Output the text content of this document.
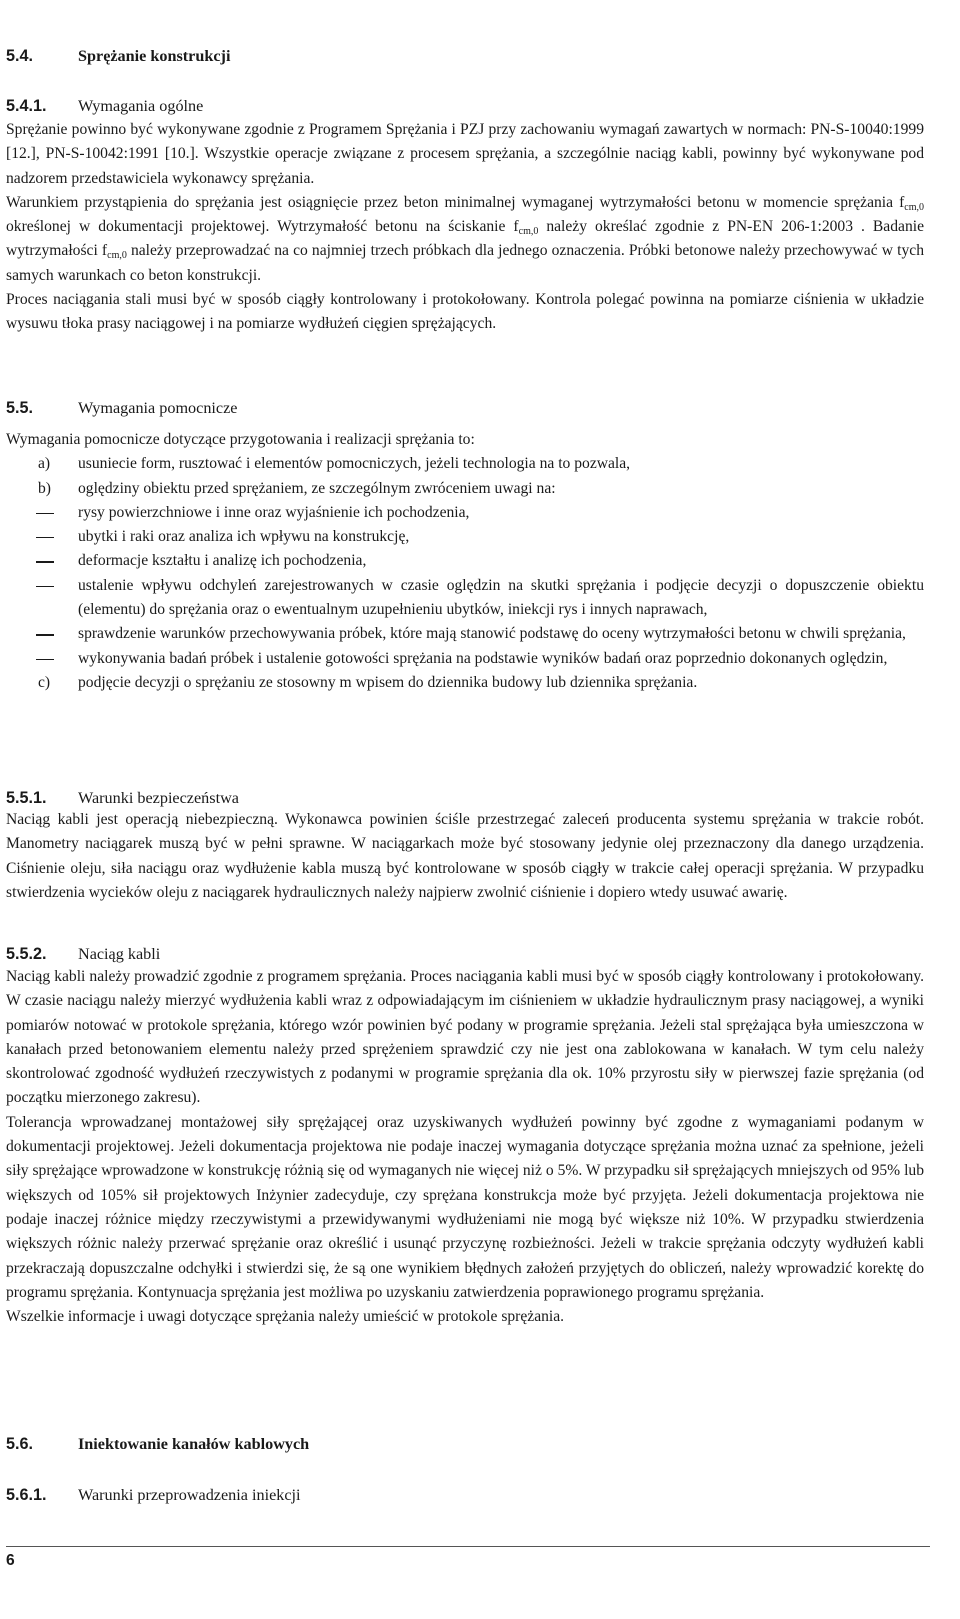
5.4.	Sprężanie konstrukcji
5.4.1. Wymagania ogólne

Sprężanie powinno być wykonywane zgodnie z Programem Sprężania i PZJ przy zachowaniu wymagań zawartych w normach: PN-S-10040:1999 [12.], PN-S-10042:1991 [10.]. Wszystkie operacje związane z procesem sprężania, a szczególnie naciąg kabli, powinny być wykonywane pod nadzorem przedstawiciela wykonawcy sprężania.

Warunkiem przystąpienia do sprężania jest osiągnięcie przez beton minimalnej wymaganej wytrzymałości betonu w momencie sprężania $f_{cm,0}$ określonej w dokumentacji projektowej. Wytrzymałość betonu na ściskanie $f_{cm,0}$ należy określać zgodnie z PN-EN 206-1:2003 . Badanie wytrzymałości $f_{cm,0}$ należy przeprowadzać na co najmniej trzech próbkach dla jednego oznaczenia. Próbki betonowe należy przechowywać w tych samych warunkach co beton konstrukcji.

Proces naciągania stali musi być w sposób ciągły kontrolowany i protokołowany. Kontrola polegać powinna na pomiarze ciśnienia w układzie wysuwu tłoka prasy naciągowej i na pomiarze wydłużeń cięgien sprężających.

5.5.	Wymagania pomocnicze

Wymagania pomocnicze dotyczące przygotowania i realizacji sprężania to:

a) usuniecie form, rusztować i elementów pomocniczych, jeżeli technologia na to pozwala,
b) oględziny obiektu przed sprężaniem, ze szczególnym zwróceniem uwagi na:
rysy powierzchniowe i inne oraz wyjaśnienie ich pochodzenia,
ubytki i raki oraz analiza ich wpływu na konstrukcję,
deformacje kształtu i analizę ich pochodzenia,
ustalenie wpływu odchyleń zarejestrowanych w czasie oględzin na skutki sprężania i podjęcie decyzji o dopuszczenie obiektu (elementu) do sprężania oraz o ewentualnym uzupełnieniu ubytków, iniekcji rys i innych naprawach,
sprawdzenie warunków przechowywania próbek, które mają stanowić podstawę do oceny wytrzymałości betonu w chwili sprężania,
wykonywania badań próbek i ustalenie gotowości sprężania na podstawie wyników badań oraz poprzednio dokonanych oględzin,
c) podjęcie decyzji o sprężaniu ze stosowny m wpisem do dziennika budowy lub dziennika sprężania.
5.5.1. Warunki bezpieczeństwa

Naciąg kabli jest operacją niebezpieczną. Wykonawca powinien ściśle przestrzegać zaleceń producenta systemu sprężania w trakcie robót. Manometry naciągarek muszą być w pełni sprawne. W naciągarkach może być stosowany jedynie olej przeznaczony dla danego urządzenia. Ciśnienie oleju, siła naciągu oraz wydłużenie kabla muszą być kontrolowane w sposób ciągły w trakcie całej operacji sprężania. W przypadku stwierdzenia wycieków oleju z naciągarek hydraulicznych należy najpierw zwolnić ciśnienie i dopiero wtedy usuwać awarię.

5.5.2. Naciąg kabli

Naciąg kabli należy prowadzić zgodnie z programem sprężania. Proces naciągania kabli musi być w sposób ciągły kontrolowany i protokołowany. W czasie naciągu należy mierzyć wydłużenia kabli wraz z odpowiadającym im ciśnieniem w układzie hydraulicznym prasy naciągowej, a wyniki pomiarów notować w protokole sprężania, którego wzór powinien być podany w programie sprężania. Jeżeli stal sprężająca była umieszczona w kanałach przed betonowaniem elementu należy przed sprężeniem sprawdzić czy nie jest ona zablokowana w kanałach. W tym celu należy skontrolować zgodność wydłużeń rzeczywistych z podanymi w programie sprężania dla ok. 10% przyrostu siły w pierwszej fazie sprężania (od początku mierzonego zakresu).

Tolerancja wprowadzanej montażowej siły sprężającej oraz uzyskiwanych wydłużeń powinny być zgodne z wymaganiami podanym w dokumentacji projektowej. Jeżeli dokumentacja projektowa nie podaje inaczej wymagania dotyczące sprężania można uznać za spełnione, jeżeli siły sprężające wprowadzone w konstrukcję różnią się od wymaganych nie więcej niż o 5%. W przypadku sił sprężających mniejszych od 95% lub większych od 105% sił projektowych Inżynier zadecyduje, czy sprężana konstrukcja może być przyjęta. Jeżeli dokumentacja projektowa nie podaje inaczej różnice między rzeczywistymi a przewidywanymi wydłużeniami nie mogą być większe niż 10%. W przypadku stwierdzenia większych różnic należy przerwać sprężanie oraz określić i usunąć przyczynę rozbieżności. Jeżeli w trakcie sprężania odczyty wydłużeń kabli przekraczają dopuszczalne odchyłki i stwierdzi się, że są one wynikiem błędnych założeń przyjętych do obliczeń, należy wprowadzić korektę do programu sprężania. Kontynuacja sprężania jest możliwa po uzyskaniu zatwierdzenia poprawionego programu sprężania.

Wszelkie informacje i uwagi dotyczące sprężania należy umieścić w protokole sprężania.

5.6.	Iniektowanie kanałów kablowych
5.6.1. Warunki przeprowadzenia iniekcji
6
